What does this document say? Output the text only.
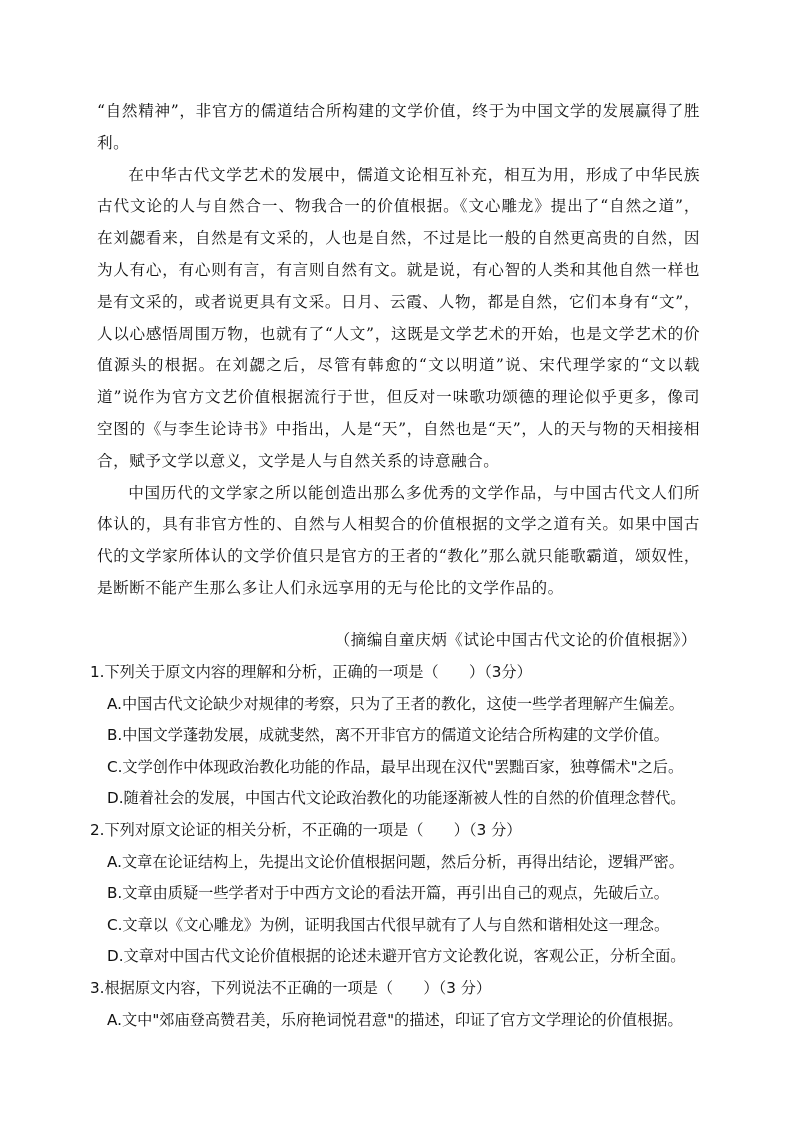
“自然精神”，非官方的儒道结合所构建的文学价值，终于为中国文学的发展赢得了胜利。

在中华古代文学艺术的发展中，儒道文论相互补充，相互为用，形成了中华民族古代文论的人与自然合一、物我合一的价值根据。《文心雕龙》提出了“自然之道”，在刘勰看来，自然是有文采的，人也是自然，不过是比一般的自然更高贵的自然，因为人有心，有心则有言，有言则自然有文。就是说，有心智的人类和其他自然一样也是有文采的，或者说更具有文采。日月、云霞、人物，都是自然，它们本身有“文”，人以心感悟周围万物，也就有了“人文”，这既是文学艺术的开始，也是文学艺术的价值源头的根据。在刘勰之后，尽管有韩愈的“文以明道”说、宋代理学家的“文以载道”说作为官方文艺价值根据流行于世，但反对一味歌功颂德的理论似乎更多，像司空图的《与李生论诗书》中指出，人是“天”，自然也是“天”，人的天与物的天相接相合，赋予文学以意义，文学是人与自然关系的诗意融合。

中国历代的文学家之所以能创造出那么多优秀的文学作品，与中国古代文人们所体认的，具有非官方性的、自然与人相契合的价值根据的文学之道有关。如果中国古代的文学家所体认的文学价值只是官方的王者的“教化”那么就只能歌霸道，颂奴性，是断断不能产生那么多让人们永远享用的无与伦比的文学作品的。

（摘编自童庆炳《试论中国古代文论的价值根据》）
1.下列关于原文内容的理解和分析，正确的一项是（　　）（3分）
A.中国古代文论缺少对规律的考察，只为了王者的教化，这使一些学者理解产生偏差。
B.中国文学蓬勃发展，成就斐然，离不开非官方的儒道文论结合所构建的文学价值。
C.文学创作中体现政治教化功能的作品，最早出现在汉代"罢黜百家，独尊儒术"之后。
D.随着社会的发展，中国古代文论政治教化的功能逐渐被人性的自然的价值理念替代。
2.下列对原文论证的相关分析，不正确的一项是（　　）（3 分）
A.文章在论证结构上，先提出文论价值根据问题，然后分析，再得出结论，逻辑严密。
B.文章由质疑一些学者对于中西方文论的看法开篇，再引出自己的观点，先破后立。
C.文章以《文心雕龙》为例，证明我国古代很早就有了人与自然和谐相处这一理念。
D.文章对中国古代文论价值根据的论述未避开官方文论教化说，客观公正，分析全面。
3.根据原文内容，下列说法不正确的一项是（　　）（3 分）
A.文中"郊庙登高赞君美，乐府艳词悦君意"的描述，印证了官方文学理论的价值根据。
